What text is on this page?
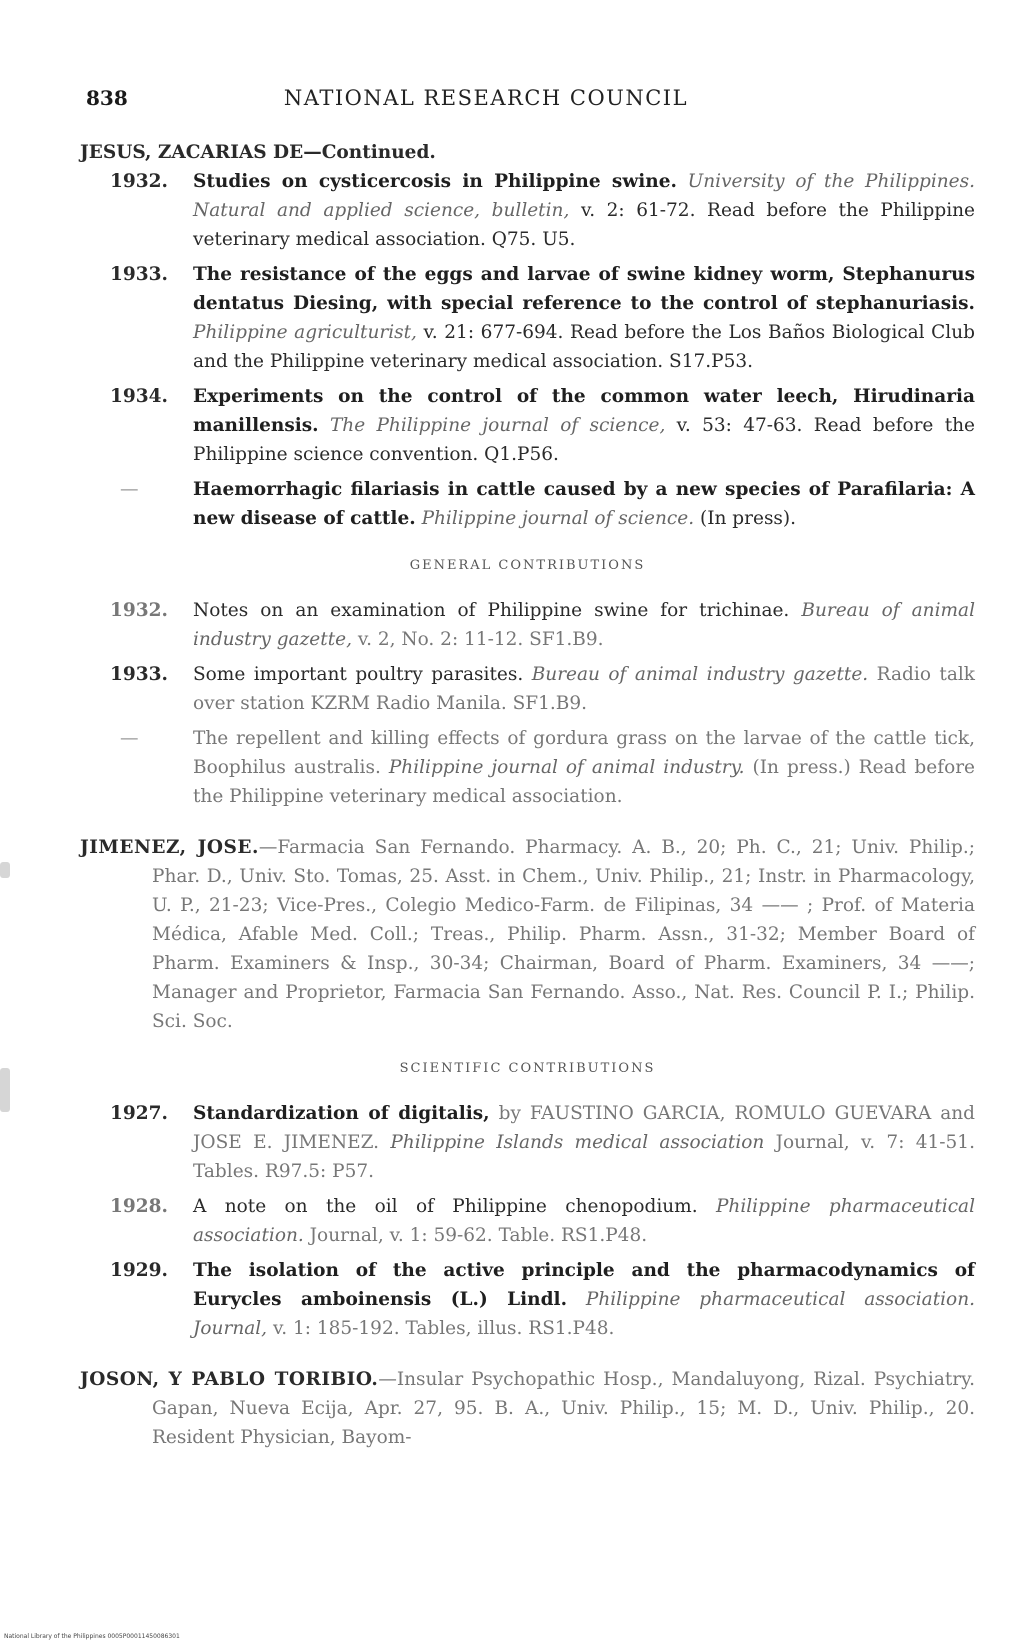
838	NATIONAL RESEARCH COUNCIL

JESUS, ZACARIAS DE—Continued.

1932. Studies on cysticercosis in Philippine swine. University of the Philippines. Natural and applied science, bulletin, v. 2: 61-72. Read before the Philippine veterinary medical association. Q75. U5.
1933. The resistance of the eggs and larvae of swine kidney worm, Stephanurus dentatus Diesing, with special reference to the control of stephanuriasis. Philippine agriculturist, v. 21: 677-694. Read before the Los Baños Biological Club and the Philippine veterinary medical association. S17.P53.
1934. Experiments on the control of the common water leech, Hirudinaria manillensis. The Philippine journal of science, v. 53: 47-63. Read before the Philippine science convention. Q1.P56.
—	Haemorrhagic filariasis in cattle caused by a new species of Parafilaria: A new disease of cattle. Philippine journal of science. (In press).
GENERAL CONTRIBUTIONS
1932. Notes on an examination of Philippine swine for trichinae. Bureau of animal industry gazette, v. 2, No. 2: 11-12. SF1.B9.
1933. Some important poultry parasites. Bureau of animal industry gazette. Radio talk over station KZRM Radio Manila. SF1.B9.
—	The repellent and killing effects of gordura grass on the larvae of the cattle tick, Boophilus australis. Philippine journal of animal industry. (In press.) Read before the Philippine veterinary medical association.

JIMENEZ, JOSE.—Farmacia San Fernando. Pharmacy. A. B., 20; Ph. C., 21; Univ. Philip.; Phar. D., Univ. Sto. Tomas, 25. Asst. in Chem., Univ. Philip., 21; Instr. in Pharmacology, U. P., 21-23; Vice-Pres., Colegio Medico-Farm. de Filipinas, 34 —— ; Prof. of Materia Médica, Afable Med. Coll.; Treas., Philip. Pharm. Assn., 31-32; Member Board of Pharm. Examiners & Insp., 30-34; Chairman, Board of Pharm. Examiners, 34 ——; Manager and Proprietor, Farmacia San Fernando. Asso., Nat. Res. Council P. I.; Philip. Sci. Soc.

SCIENTIFIC CONTRIBUTIONS
1927. Standardization of digitalis, by FAUSTINO GARCIA, ROMULO GUEVARA and JOSE E. JIMENEZ. Philippine Islands medical association Journal, v. 7: 41-51. Tables. R97.5: P57.
1928. A note on the oil of Philippine chenopodium. Philippine pharmaceutical association. Journal, v. 1: 59-62. Table. RS1.P48.
1929. The isolation of the active principle and the pharmacodynamics of Eurycles amboinensis (L.) Lindl. Philippine pharmaceutical association. Journal, v. 1: 185-192. Tables, illus. RS1.P48.

JOSON, Y PABLO TORIBIO.—Insular Psychopathic Hosp., Mandaluyong, Rizal. Psychiatry. Gapan, Nueva Ecija, Apr. 27, 95. B. A., Univ. Philip., 15; M. D., Univ. Philip., 20. Resident Physician, Bayom-

National Library of the Philippines 0005P00011450086301
